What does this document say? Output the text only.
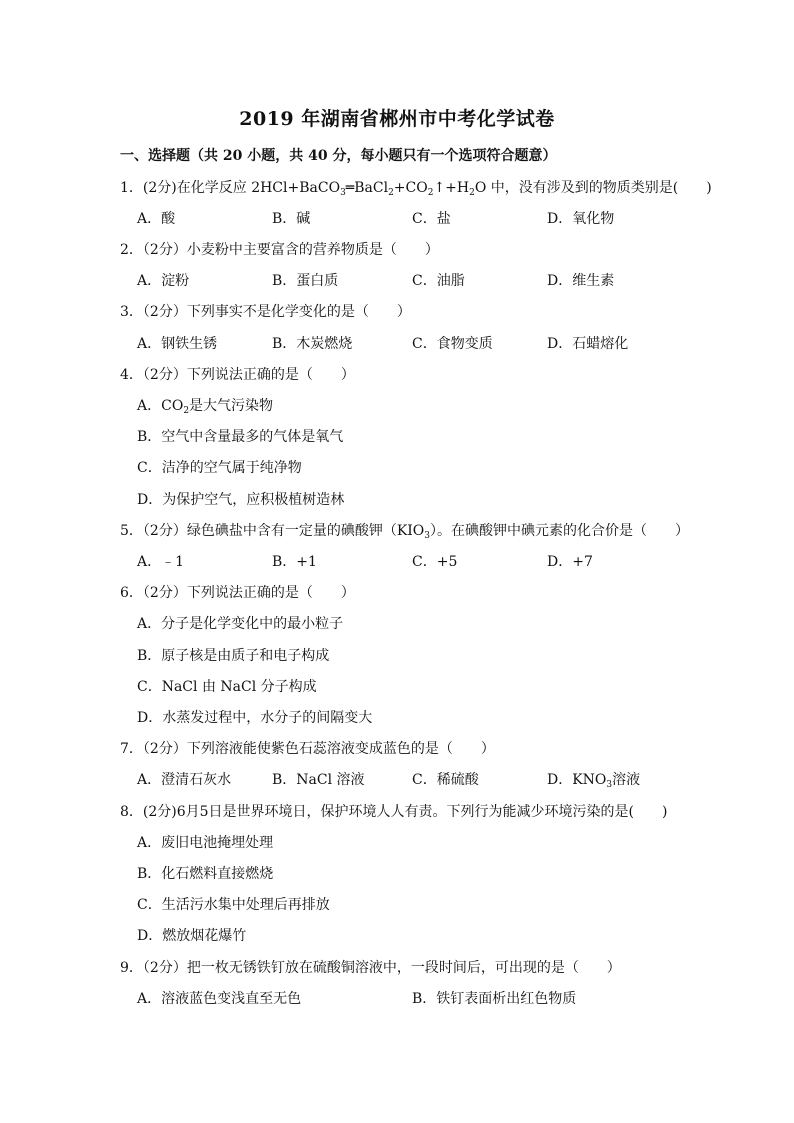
2019 年湖南省郴州市中考化学试卷
一、选择题（共 20 小题，共 40 分，每小题只有一个选项符合题意）
1．(2分)在化学反应 $2HCl+BaCO_3═BaCl_2+CO_2↑+H_2O$ 中，没有涉及到的物质类别是(　　)
A．酸	B．碱	C．盐	D．氧化物
2．（2分）小麦粉中主要富含的营养物质是（　　）
A．淀粉	B．蛋白质	C．油脂	D．维生素
3．（2分）下列事实不是化学变化的是（　　）
A．钢铁生锈	B．木炭燃烧	C．食物变质	D．石蜡熔化
4．（2分）下列说法正确的是（　　）
A．$CO_2$是大气污染物
B．空气中含量最多的气体是氧气
C．洁净的空气属于纯净物
D．为保护空气，应积极植树造林
5．（2分）绿色碘盐中含有一定量的碘酸钾$(KIO_3)$。在碘酸钾中碘元素的化合价是（　　）
A．﹣1	B．+1	C．+5	D．+7
6．（2分）下列说法正确的是（　　）
A．分子是化学变化中的最小粒子
B．原子核是由质子和电子构成
C．NaCl 由 NaCl 分子构成
D．水蒸发过程中，水分子的间隔变大
7．（2分）下列溶液能使紫色石蕊溶液变成蓝色的是（　　）
A．澄清石灰水	B．NaCl 溶液	C．稀硫酸	D．$KNO_3$溶液
8．(2分)6月5日是世界环境日，保护环境人人有责。下列行为能减少环境污染的是(　　)
A．废旧电池掩埋处理
B．化石燃料直接燃烧
C．生活污水集中处理后再排放
D．燃放烟花爆竹
9．（2分）把一枚无锈铁钉放在硫酸铜溶液中，一段时间后，可出现的是（　　）
A．溶液蓝色变浅直至无色	B．铁钉表面析出红色物质
